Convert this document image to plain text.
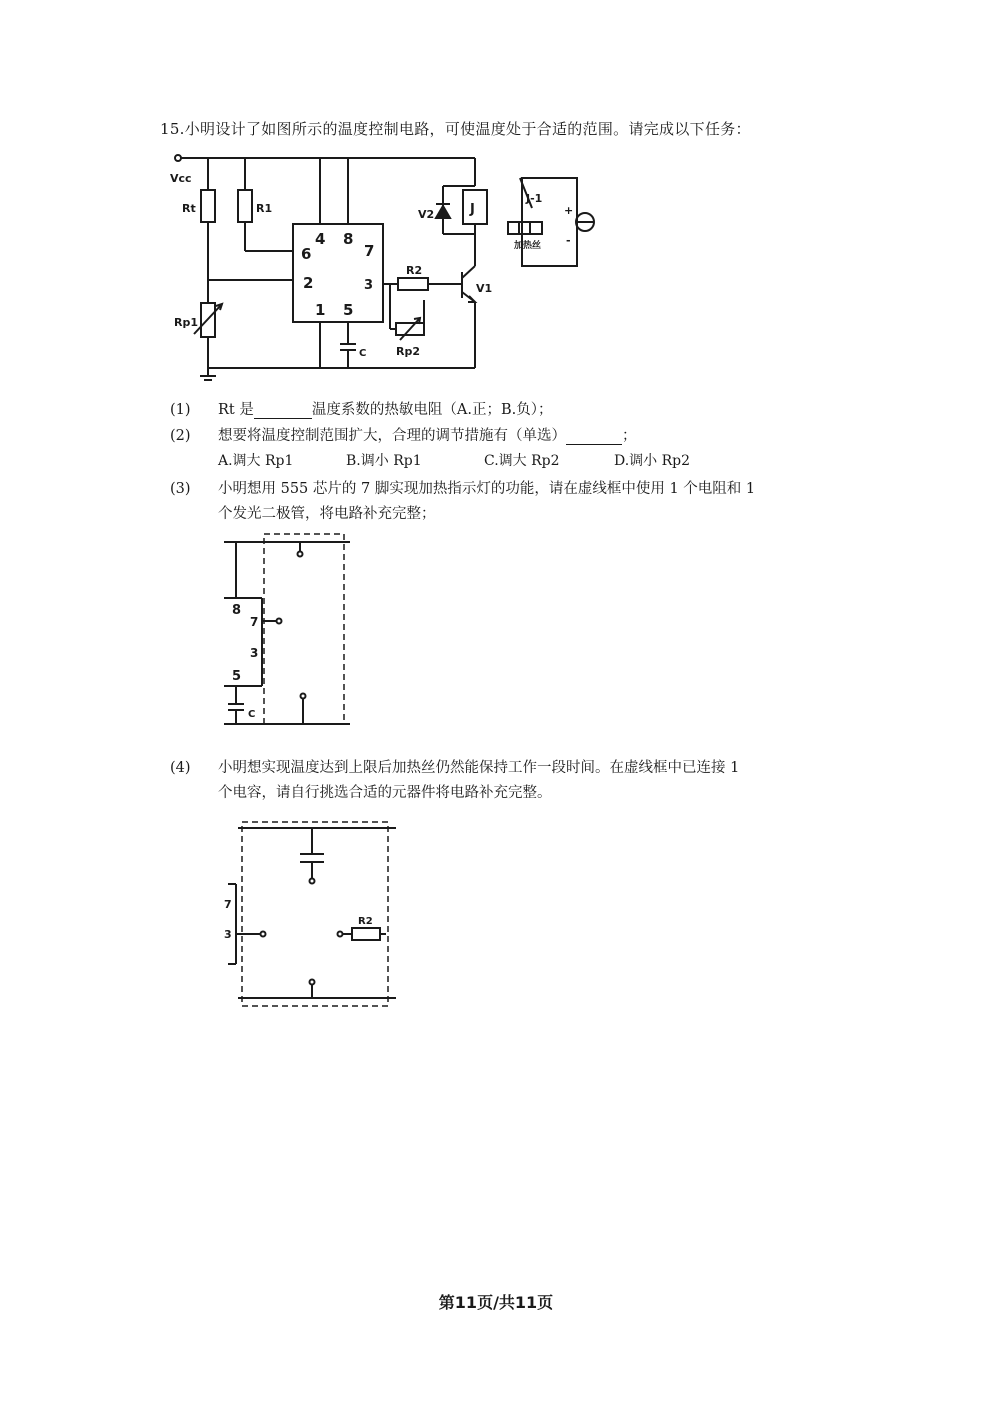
15.小明设计了如图所示的温度控制电路，可使温度处于合适的范围。请完成以下任务：
Vcc
Rt	R1
Rp1
4 8
6	7
2	3
1 5
R2
Rp2
C
V1
V2	J
J-1
加热丝
+
-
(1) Rt 是	温度系数的热敏电阻（A.正；B.负）；
(2) 想要将温度控制范围扩大，合理的调节措施有（单选）	；
A.调大 Rp1	B.调小 Rp1	C.调大 Rp2	D.调小 Rp2
(3) 小明想用 555 芯片的 7 脚实现加热指示灯的功能，请在虚线框中使用 1 个电阻和 1
个发光二极管，将电路补充完整；
8
7
3
5
C
(4) 小明想实现温度达到上限后加热丝仍然能保持工作一段时间。在虚线框中已连接 1
个电容，请自行挑选合适的元器件将电路补充完整。
7
3
R2
第11页/共11页
